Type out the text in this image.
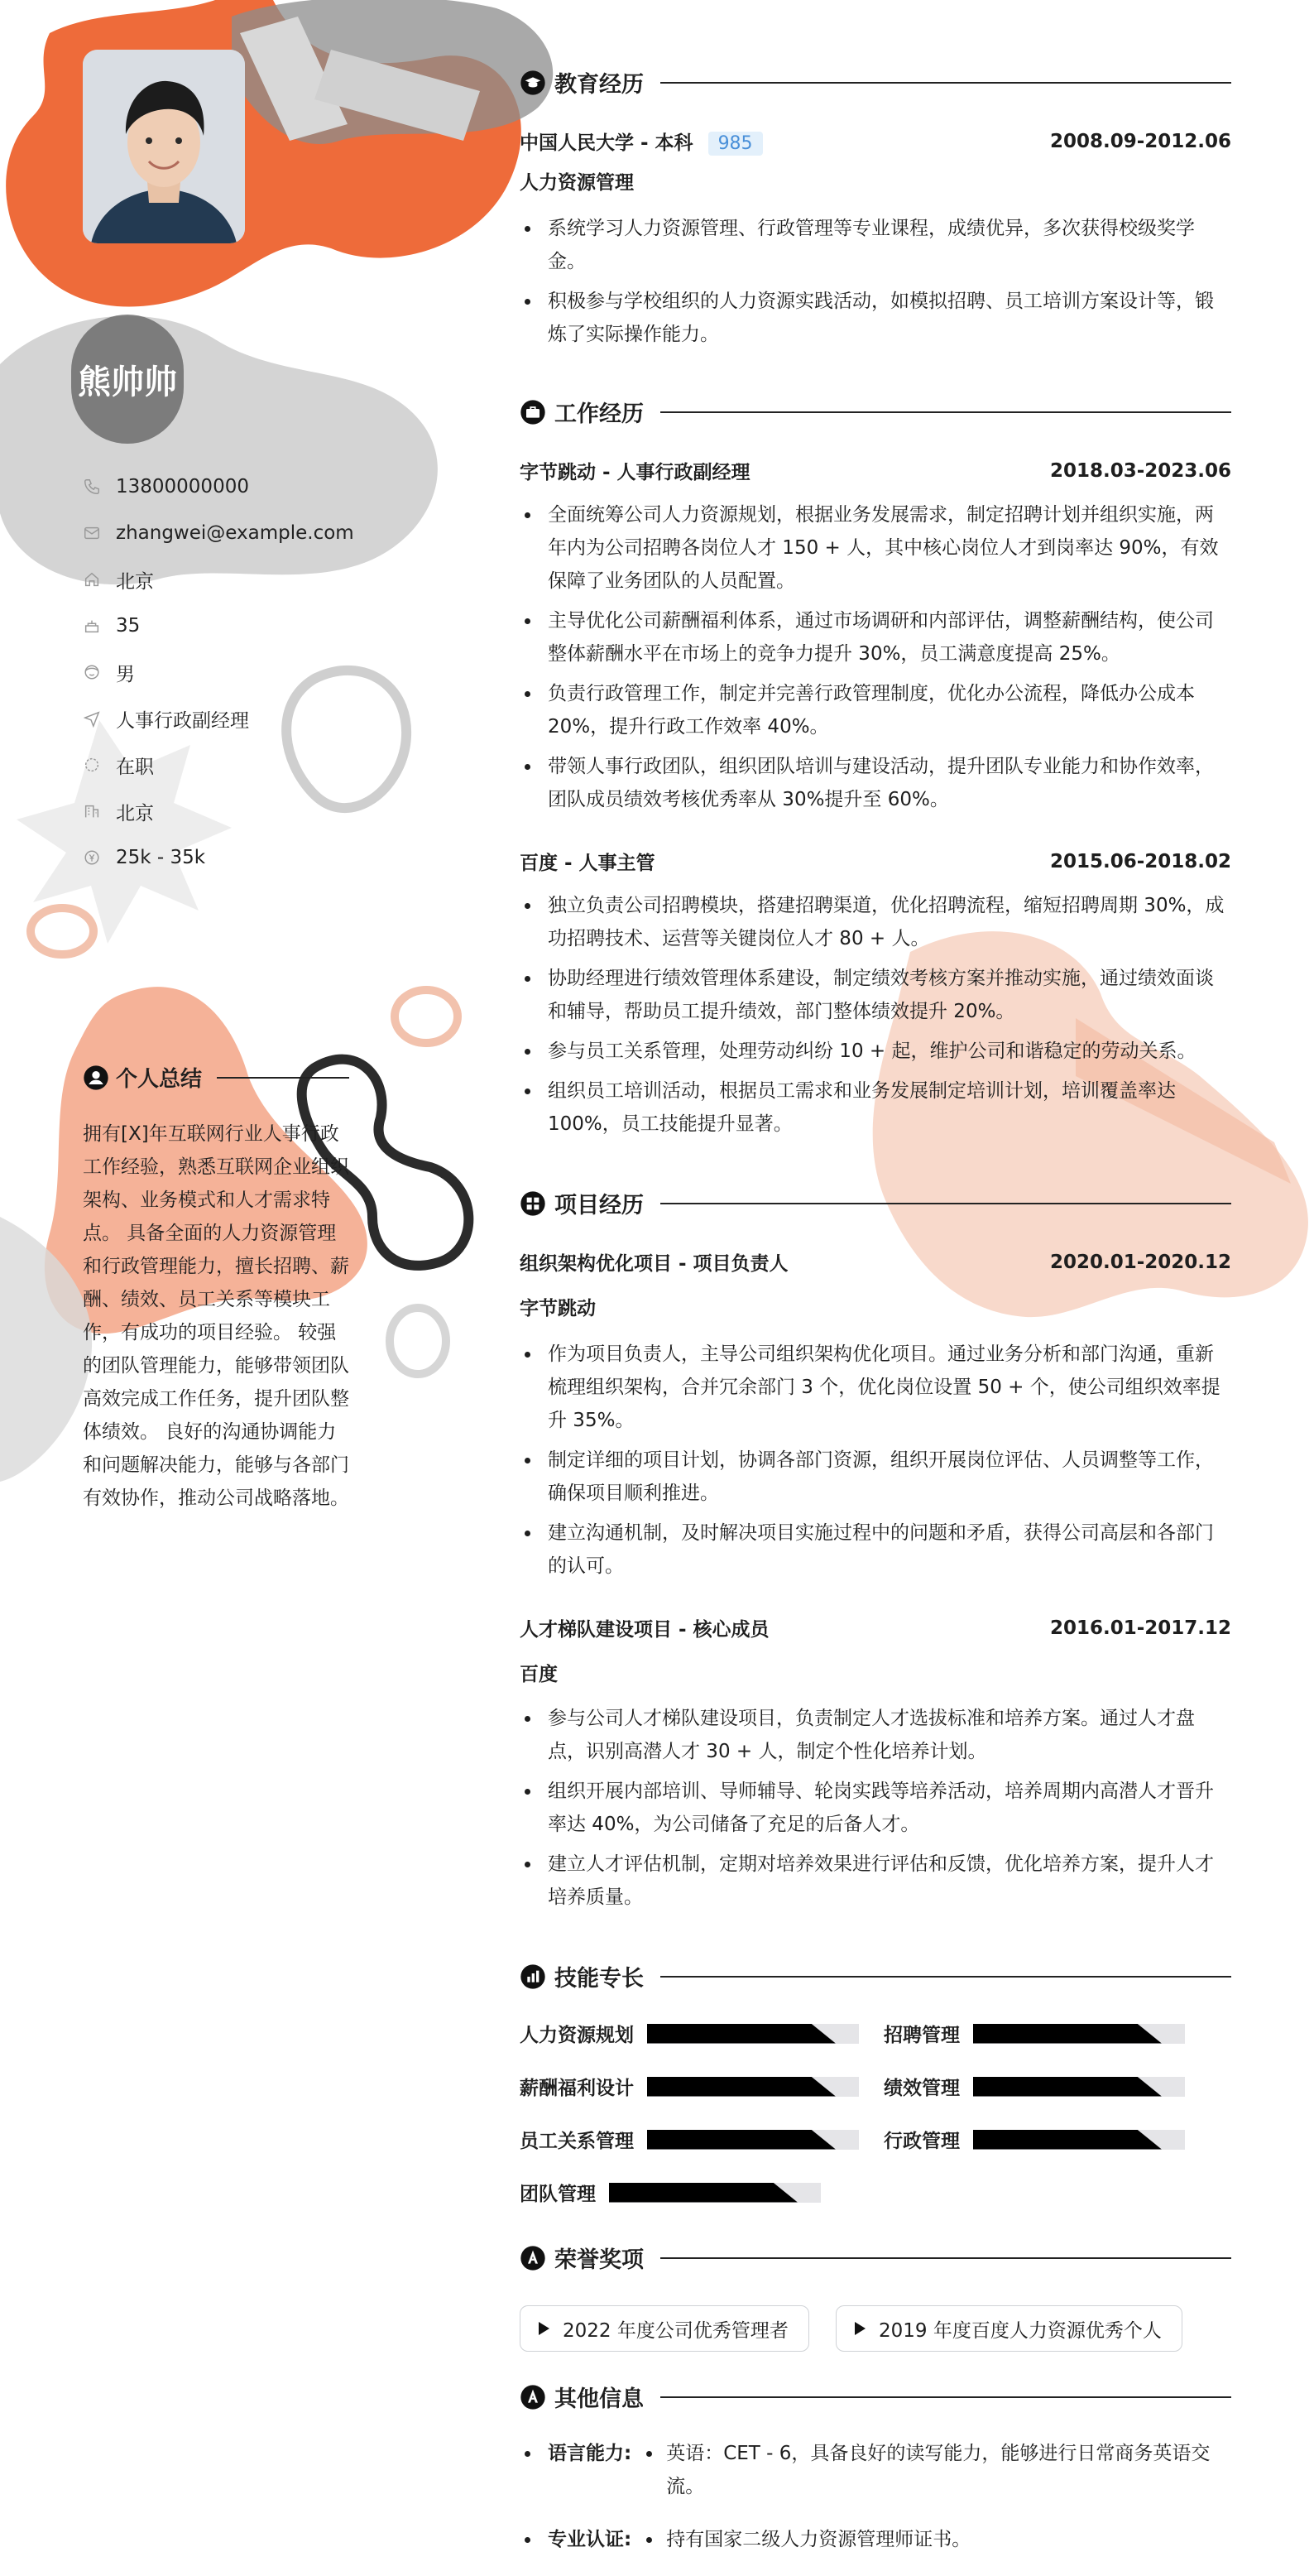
熊帅帅
13800000000
zhangwei@example.com
北京
35
男
人事行政副经理
在职
北京
25k - 35k
个人总结
拥有[X]年互联网行业人事行政工作经验，熟悉互联网企业组织架构、业务模式和人才需求特点。 具备全面的人力资源管理和行政管理能力，擅长招聘、薪酬、绩效、员工关系等模块工作，有成功的项目经验。 较强的团队管理能力，能够带领团队高效完成工作任务，提升团队整体绩效。 良好的沟通协调能力和问题解决能力，能够与各部门有效协作，推动公司战略落地。
教育经历
中国人民大学 - 本科 985	2008.09-2012.06
人力资源管理
系统学习人力资源管理、行政管理等专业课程，成绩优异，多次获得校级奖学金。
积极参与学校组织的人力资源实践活动，如模拟招聘、员工培训方案设计等，锻炼了实际操作能力。
工作经历
字节跳动 - 人事行政副经理	2018.03-2023.06
全面统筹公司人力资源规划，根据业务发展需求，制定招聘计划并组织实施，两年内为公司招聘各岗位人才 150 + 人，其中核心岗位人才到岗率达 90%，有效保障了业务团队的人员配置。
主导优化公司薪酬福利体系，通过市场调研和内部评估，调整薪酬结构，使公司整体薪酬水平在市场上的竞争力提升 30%，员工满意度提高 25%。
负责行政管理工作，制定并完善行政管理制度，优化办公流程，降低办公成本 20%，提升行政工作效率 40%。
带领人事行政团队，组织团队培训与建设活动，提升团队专业能力和协作效率，团队成员绩效考核优秀率从 30%提升至 60%。
百度 - 人事主管	2015.06-2018.02
独立负责公司招聘模块，搭建招聘渠道，优化招聘流程，缩短招聘周期 30%，成功招聘技术、运营等关键岗位人才 80 + 人。
协助经理进行绩效管理体系建设，制定绩效考核方案并推动实施，通过绩效面谈和辅导，帮助员工提升绩效，部门整体绩效提升 20%。
参与员工关系管理，处理劳动纠纷 10 + 起，维护公司和谐稳定的劳动关系。
组织员工培训活动，根据员工需求和业务发展制定培训计划，培训覆盖率达 100%，员工技能提升显著。
项目经历
组织架构优化项目 - 项目负责人	2020.01-2020.12
字节跳动
作为项目负责人，主导公司组织架构优化项目。通过业务分析和部门沟通，重新梳理组织架构，合并冗余部门 3 个，优化岗位设置 50 + 个，使公司组织效率提升 35%。
制定详细的项目计划，协调各部门资源，组织开展岗位评估、人员调整等工作，确保项目顺利推进。
建立沟通机制，及时解决项目实施过程中的问题和矛盾，获得公司高层和各部门的认可。
人才梯队建设项目 - 核心成员	2016.01-2017.12
百度
参与公司人才梯队建设项目，负责制定人才选拔标准和培养方案。通过人才盘点，识别高潜人才 30 + 人，制定个性化培养计划。
组织开展内部培训、导师辅导、轮岗实践等培养活动，培养周期内高潜人才晋升率达 40%，为公司储备了充足的后备人才。
建立人才评估机制，定期对培养效果进行评估和反馈，优化培养方案，提升人才培养质量。
技能专长
人力资源规划	招聘管理
薪酬福利设计	绩效管理
员工关系管理	行政管理
团队管理
荣誉奖项
2022 年度公司优秀管理者	2019 年度百度人力资源优秀个人
其他信息
语言能力:	英语：CET - 6，具备良好的读写能力，能够进行日常商务英语交流。
专业认证:	持有国家二级人力资源管理师证书。
